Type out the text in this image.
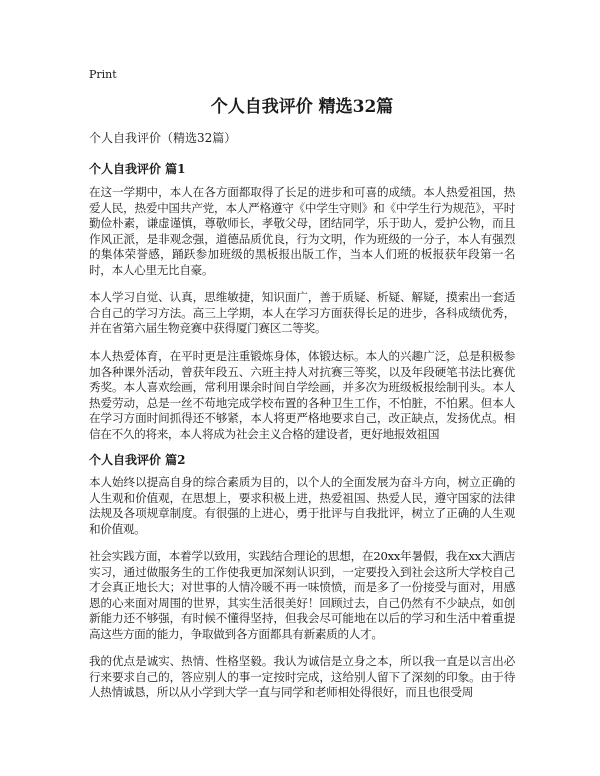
Print
个人自我评价 精选32篇
个人自我评价（精选32篇）
个人自我评价 篇1
在这一学期中，本人在各方面都取得了长足的进步和可喜的成绩。本人热爱祖国，热爱人民，热爱中国共产党，本人严格遵守《中学生守则》和《中学生行为规范》，平时勤俭朴素，谦虚谨慎，尊敬师长，孝敬父母，团结同学，乐于助人，爱护公物，而且作风正派，是非观念强，道德品质优良，行为文明，作为班级的一分子，本人有强烈的集体荣誉感，踊跃参加班级的黑板报出版工作，当本人们班的板报获年段第一名时，本人心里无比自豪。
本人学习自觉、认真，思维敏捷，知识面广，善于质疑、析疑、解疑，摸索出一套适合自己的学习方法。高三上学期，本人在学习方面获得长足的进步，各科成绩优秀，并在省第六届生物竞赛中获得厦门赛区二等奖。
本人热爱体育，在平时更是注重锻炼身体，体锻达标。本人的兴趣广泛，总是积极参加各种课外活动，曾获年段五、六班主持人对抗赛三等奖，以及年段硬笔书法比赛优秀奖。本人喜欢绘画，常利用课余时间自学绘画，并多次为班级板报绘制刊头。本人热爱劳动，总是一丝不苟地完成学校布置的各种卫生工作，不怕脏，不怕累。但本人在学习方面时间抓得还不够紧，本人将更严格地要求自己，改正缺点，发扬优点。相信在不久的将来，本人将成为社会主义合格的建设者，更好地报效祖国
个人自我评价 篇2
本人始终以提高自身的综合素质为目的，以个人的全面发展为奋斗方向，树立正确的人生观和价值观，在思想上，要求积极上进，热爱祖国、热爱人民，遵守国家的法律法规及各项规章制度。有很强的上进心，勇于批评与自我批评，树立了正确的人生观和价值观。
社会实践方面，本着学以致用，实践结合理论的思想，在20xx年暑假，我在xx大酒店实习，通过做服务生的工作使我更加深刻认识到，一定要投入到社会这所大学校自己才会真正地长大；对世事的人情冷暖不再一味愤愤，而是多了一份接受与面对，用感恩的心来面对周围的世界，其实生活很美好！回顾过去，自己仍然有不少缺点，如创新能力还不够强，有时候不懂得坚持，但我会尽可能地在以后的学习和生活中着重提高这些方面的能力，争取做到各方面都具有新素质的人才。
我的优点是诚实、热情、性格坚毅。我认为诚信是立身之本，所以我一直是以言出必行来要求自己的，答应别人的事一定按时完成，这给别人留下了深刻的印象。由于待人热情诚恳，所以从小学到大学一直与同学和老师相处得很好，而且也很受周
